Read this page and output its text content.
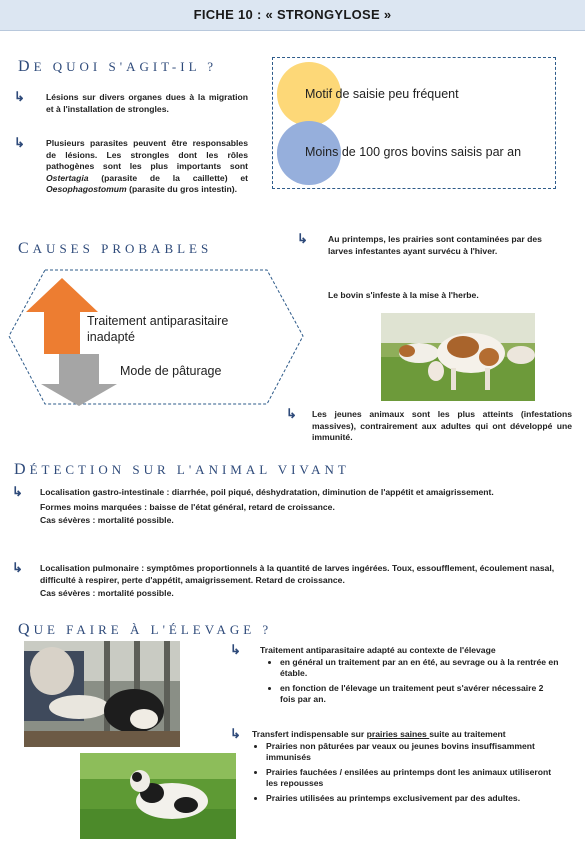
FICHE 10 : « STRONGYLOSE »
DE QUOI S'AGIT-IL ?
↳ Lésions sur divers organes dues à la migration et à l'installation de strongles.
↳ Plusieurs parasites peuvent être responsables de lésions. Les strongles dont les rôles pathogènes sont les plus importants sont Ostertagia (parasite de la caillette) et Oesophagostomum (parasite du gros intestin).
Motif de saisie peu fréquent
Moins de 100 gros bovins saisis par an
CAUSES PROBABLES
Traitement antiparasitaire inadapté
Mode de pâturage
↳ Au printemps, les prairies sont contaminées par des larves infestantes ayant survécu à l'hiver.
Le bovin s'infeste à la mise à l'herbe.
↳ Les jeunes animaux sont les plus atteints (infestations massives), contrairement aux adultes qui ont développé une immunité.
DÉTECTION SUR L'ANIMAL VIVANT
↳ Localisation gastro-intestinale : diarrhée, poil piqué, déshydratation, diminution de l'appétit et amaigrissement.
Formes moins marquées : baisse de l'état général, retard de croissance.
Cas sévères : mortalité possible.
↳ Localisation pulmonaire : symptômes proportionnels à la quantité de larves ingérées. Toux, essoufflement, écoulement nasal, difficulté à respirer, perte d'appétit, amaigrissement. Retard de croissance.
Cas sévères : mortalité possible.
QUE FAIRE À L'ÉLEVAGE ?
↳ Traitement antiparasitaire adapté au contexte de l'élevage
• en général un traitement par an en été, au sevrage ou à la rentrée en étable.
• en fonction de l'élevage un traitement peut s'avérer nécessaire 2 fois par an.
↳ Transfert indispensable sur prairies saines suite au traitement
• Prairies non pâturées par veaux ou jeunes bovins insuffisamment immunisés
• Prairies fauchées / ensilées au printemps dont les animaux utiliseront les repousses
• Prairies utilisées au printemps exclusivement par des adultes.
